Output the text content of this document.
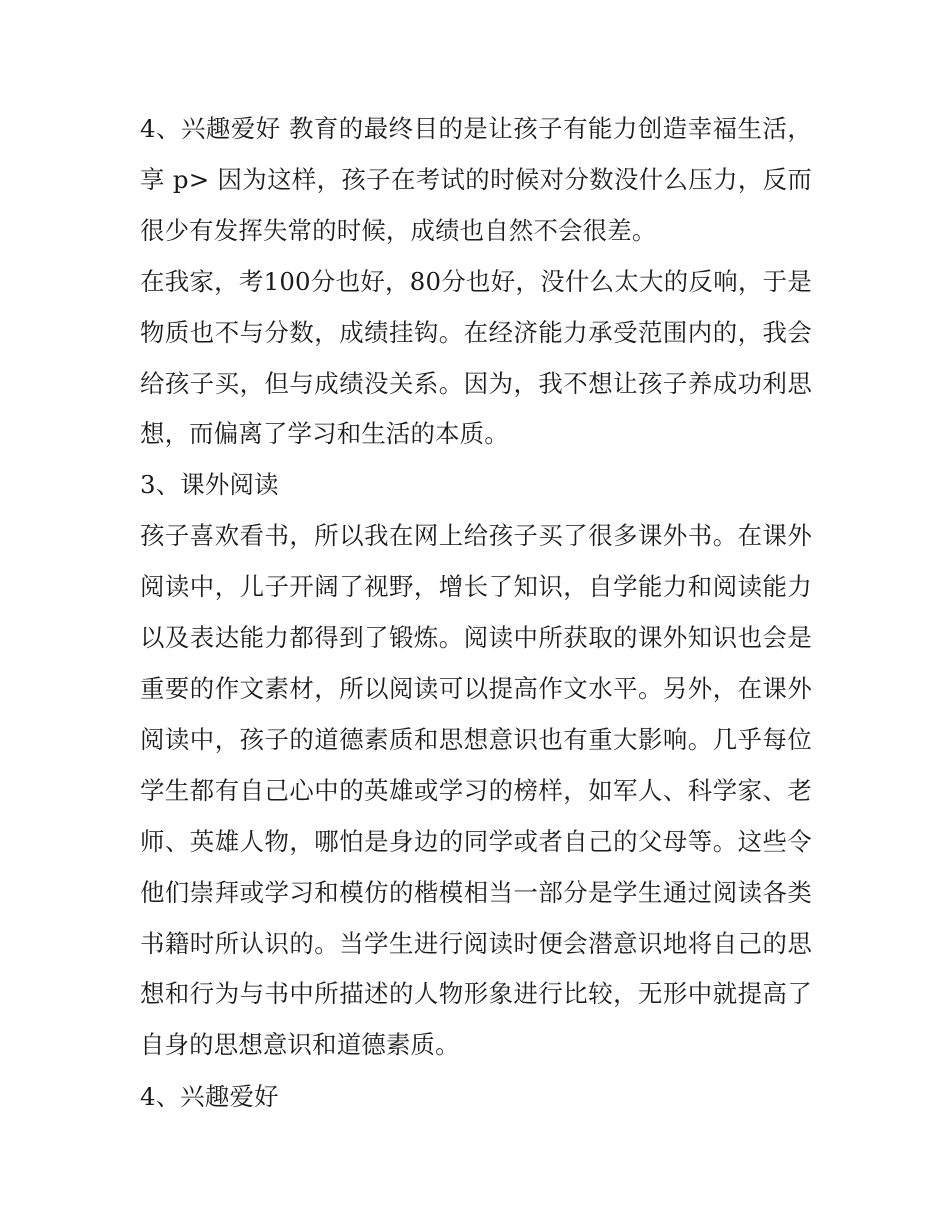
4、兴趣爱好 教育的最终目的是让孩子有能力创造幸福生活，享 p> 因为这样，孩子在考试的时候对分数没什么压力，反而很少有发挥失常的时候，成绩也自然不会很差。

在我家，考100分也好，80分也好，没什么太大的反响，于是物质也不与分数，成绩挂钩。在经济能力承受范围内的，我会给孩子买，但与成绩没关系。因为，我不想让孩子养成功利思想，而偏离了学习和生活的本质。

3、课外阅读

孩子喜欢看书，所以我在网上给孩子买了很多课外书。在课外阅读中，儿子开阔了视野，增长了知识，自学能力和阅读能力以及表达能力都得到了锻炼。阅读中所获取的课外知识也会是重要的作文素材，所以阅读可以提高作文水平。另外，在课外阅读中，孩子的道德素质和思想意识也有重大影响。几乎每位学生都有自己心中的英雄或学习的榜样，如军人、科学家、老师、英雄人物，哪怕是身边的同学或者自己的父母等。这些令他们崇拜或学习和模仿的楷模相当一部分是学生通过阅读各类书籍时所认识的。当学生进行阅读时便会潜意识地将自己的思想和行为与书中所描述的人物形象进行比较，无形中就提高了自身的思想意识和道德素质。

4、兴趣爱好
